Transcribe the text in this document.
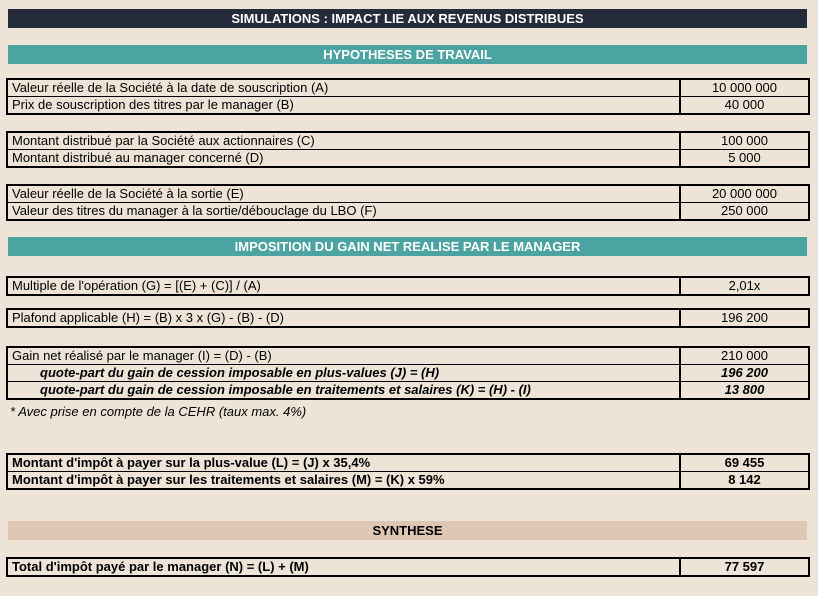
SIMULATIONS : IMPACT LIE AUX REVENUS DISTRIBUES
HYPOTHESES DE TRAVAIL
Valeur réelle de la Société à la date de souscription (A)	10 000 000
Prix de souscription des titres par le manager (B)	40 000
Montant distribué par la Société aux actionnaires (C)	100 000
Montant distribué au manager concerné (D)	5 000
Valeur réelle de la Société à la sortie (E)	20 000 000
Valeur des titres du manager à la sortie/débouclage du LBO (F)	250 000
IMPOSITION DU GAIN NET REALISE PAR LE MANAGER
Multiple de l'opération (G) = [(E) + (C)] / (A)	2,01x
Plafond applicable (H) = (B) x 3 x (G) - (B) - (D)	196 200
Gain net réalisé par le manager (I) = (D) - (B)	210 000
quote-part du gain de cession imposable en plus-values (J) = (H)	196 200
quote-part du gain de cession imposable en traitements et salaires (K) = (H) - (I)	13 800
* Avec prise en compte de la CEHR (taux max. 4%)
Montant d'impôt à payer sur la plus-value (L) = (J) x 35,4%	69 455
Montant d'impôt à payer sur les traitements et salaires (M) = (K) x 59%	8 142
SYNTHESE
Total d'impôt payé par le manager (N) = (L) + (M)	77 597
